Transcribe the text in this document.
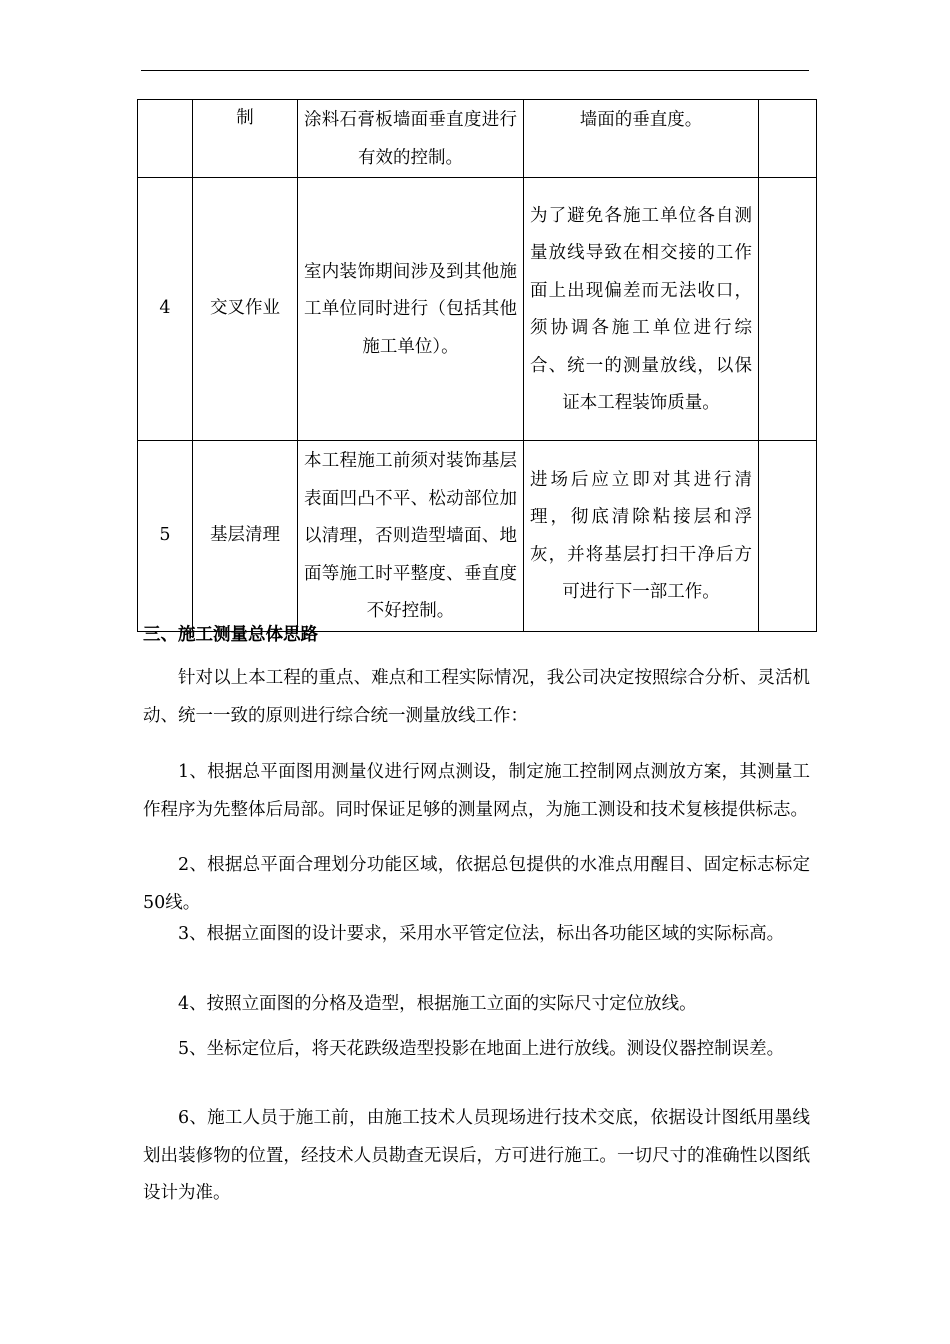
	制	涂料石膏板墙面垂直度进行有效的控制。	墙面的垂直度。	

4	交叉作业	室内装饰期间涉及到其他施工单位同时进行（包括其他施工单位）。	为了避免各施工单位各自测量放线导致在相交接的工作面上出现偏差而无法收口，须协调各施工单位进行综合、统一的测量放线，以保证本工程装饰质量。	

5	基层清理	本工程施工前须对装饰基层表面凹凸不平、松动部位加以清理，否则造型墙面、地面等施工时平整度、垂直度不好控制。	进场后应立即对其进行清理，彻底清除粘接层和浮灰，并将基层打扫干净后方可进行下一部工作。	

三、施工测量总体思路

针对以上本工程的重点、难点和工程实际情况，我公司决定按照综合分析、灵活机动、统一一致的原则进行综合统一测量放线工作：

1、根据总平面图用测量仪进行网点测设，制定施工控制网点测放方案，其测量工作程序为先整体后局部。同时保证足够的测量网点，为施工测设和技术复核提供标志。

2、根据总平面合理划分功能区域，依据总包提供的水准点用醒目、固定标志标定50线。

3、根据立面图的设计要求，采用水平管定位法，标出各功能区域的实际标高。

4、按照立面图的分格及造型，根据施工立面的实际尺寸定位放线。

5、坐标定位后，将天花跌级造型投影在地面上进行放线。测设仪器控制误差。

6、施工人员于施工前，由施工技术人员现场进行技术交底，依据设计图纸用墨线划出装修物的位置，经技术人员勘查无误后，方可进行施工。一切尺寸的准确性以图纸设计为准。
